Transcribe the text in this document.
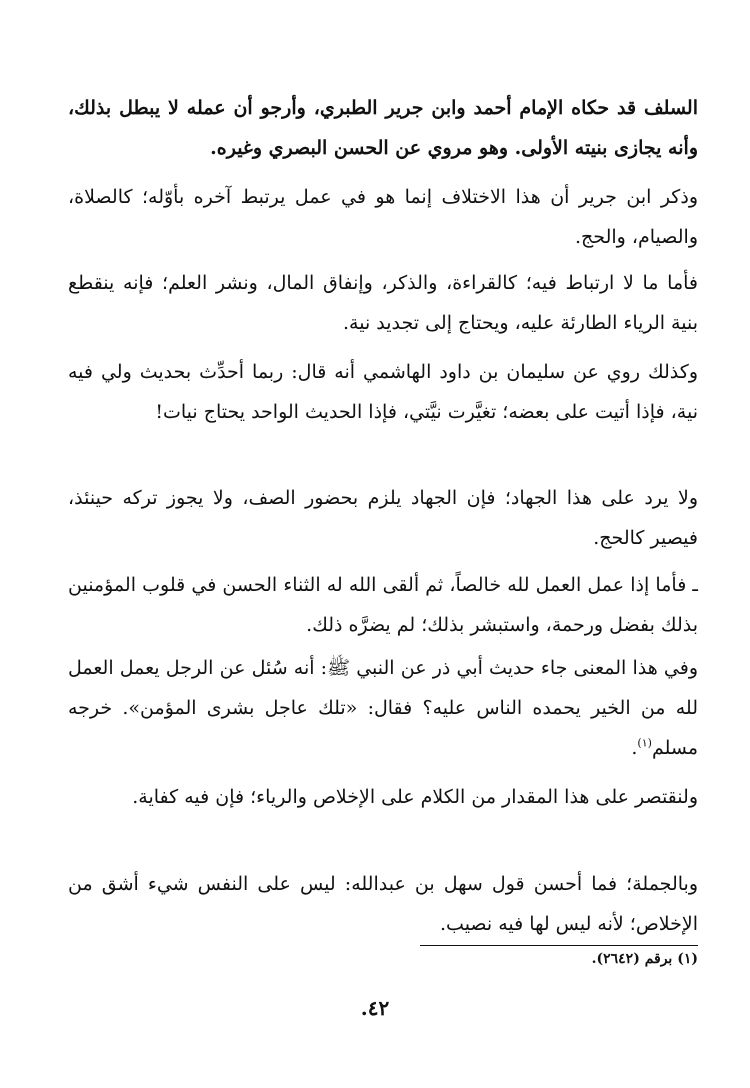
السلف قد حكاه الإمام أحمد وابن جرير الطبري، وأرجو أن عمله لا يبطل بذلك، وأنه يجازى بنيته الأولى. وهو مروي عن الحسن البصري وغيره.
وذكر ابن جرير أن هذا الاختلاف إنما هو في عمل يرتبط آخره بأوّله؛ كالصلاة، والصيام، والحج.
فأما ما لا ارتباط فيه؛ كالقراءة، والذكر، وإنفاق المال، ونشر العلم؛ فإنه ينقطع بنية الرياء الطارئة عليه، ويحتاج إلى تجديد نية.
وكذلك روي عن سليمان بن داود الهاشمي أنه قال: ربما أحدِّث بحديث ولي فيه نية، فإذا أتيت على بعضه؛ تغيَّرت نيَّتي، فإذا الحديث الواحد يحتاج نيات!
ولا يرد على هذا الجهاد؛ فإن الجهاد يلزم بحضور الصف، ولا يجوز تركه حينئذ، فيصير كالحج.
ـ فأما إذا عمل العمل لله خالصاً، ثم ألقى الله له الثناء الحسن في قلوب المؤمنين بذلك بفضل ورحمة، واستبشر بذلك؛ لم يضرَّه ذلك.
وفي هذا المعنى جاء حديث أبي ذر عن النبي ﷺ: أنه سُئل عن الرجل يعمل العمل لله من الخير يحمده الناس عليه؟ فقال: «تلك عاجل بشرى المؤمن». خرجه مسلم$^{(١)}$.
ولنقتصر على هذا المقدار من الكلام على الإخلاص والرياء؛ فإن فيه كفاية.
وبالجملة؛ فما أحسن قول سهل بن عبدالله: ليس على النفس شيء أشق من الإخلاص؛ لأنه ليس لها فيه نصيب.
(١) برقم (٢٦٤٢).
٤٢.
